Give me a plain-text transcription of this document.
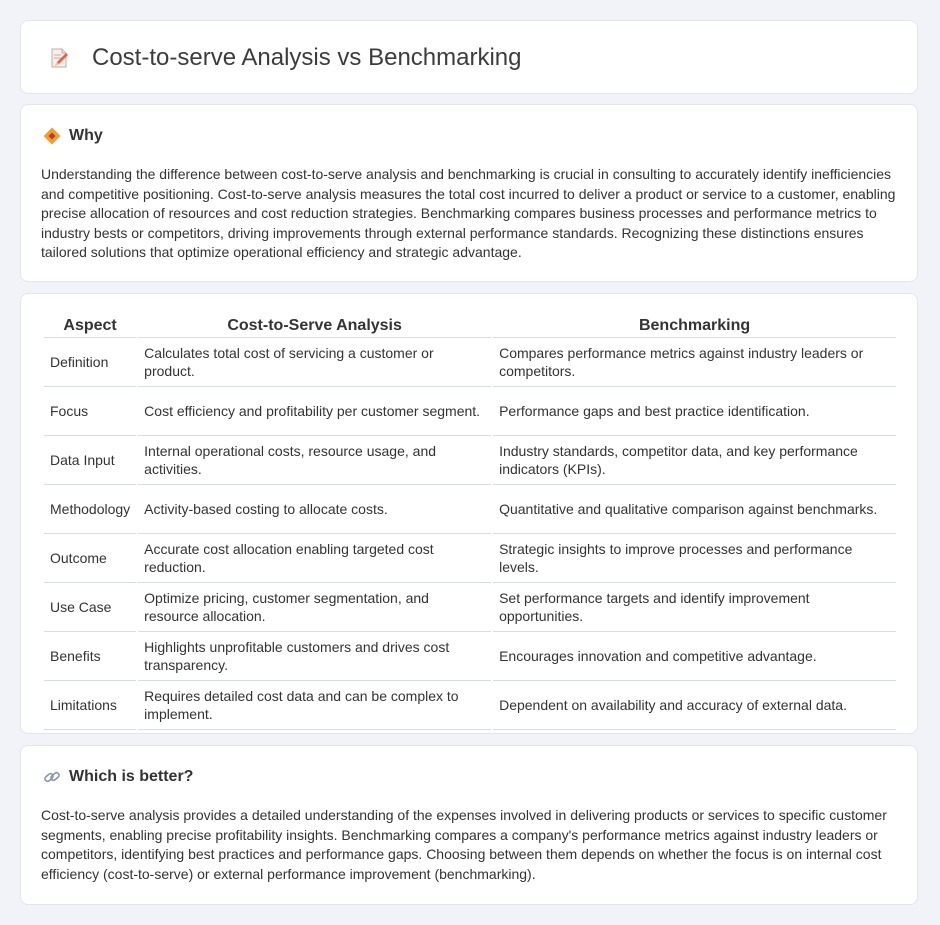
Cost-to-serve Analysis vs Benchmarking
Why

Understanding the difference between cost-to-serve analysis and benchmarking is crucial in consulting to accurately identify inefficiencies and competitive positioning. Cost-to-serve analysis measures the total cost incurred to deliver a product or service to a customer, enabling precise allocation of resources and cost reduction strategies. Benchmarking compares business processes and performance metrics to industry bests or competitors, driving improvements through external performance standards. Recognizing these distinctions ensures tailored solutions that optimize operational efficiency and strategic advantage.

Aspect	Cost-to-Serve Analysis	Benchmarking
Definition	Calculates total cost of servicing a customer or product.	Compares performance metrics against industry leaders or competitors.
Focus	Cost efficiency and profitability per customer segment.	Performance gaps and best practice identification.
Data Input	Internal operational costs, resource usage, and activities.	Industry standards, competitor data, and key performance indicators (KPIs).
Methodology	Activity-based costing to allocate costs.	Quantitative and qualitative comparison against benchmarks.
Outcome	Accurate cost allocation enabling targeted cost reduction.	Strategic insights to improve processes and performance levels.
Use Case	Optimize pricing, customer segmentation, and resource allocation.	Set performance targets and identify improvement opportunities.
Benefits	Highlights unprofitable customers and drives cost transparency.	Encourages innovation and competitive advantage.
Limitations	Requires detailed cost data and can be complex to implement.	Dependent on availability and accuracy of external data.
Which is better?

Cost-to-serve analysis provides a detailed understanding of the expenses involved in delivering products or services to specific customer segments, enabling precise profitability insights. Benchmarking compares a company's performance metrics against industry leaders or competitors, identifying best practices and performance gaps. Choosing between them depends on whether the focus is on internal cost efficiency (cost-to-serve) or external performance improvement (benchmarking).
